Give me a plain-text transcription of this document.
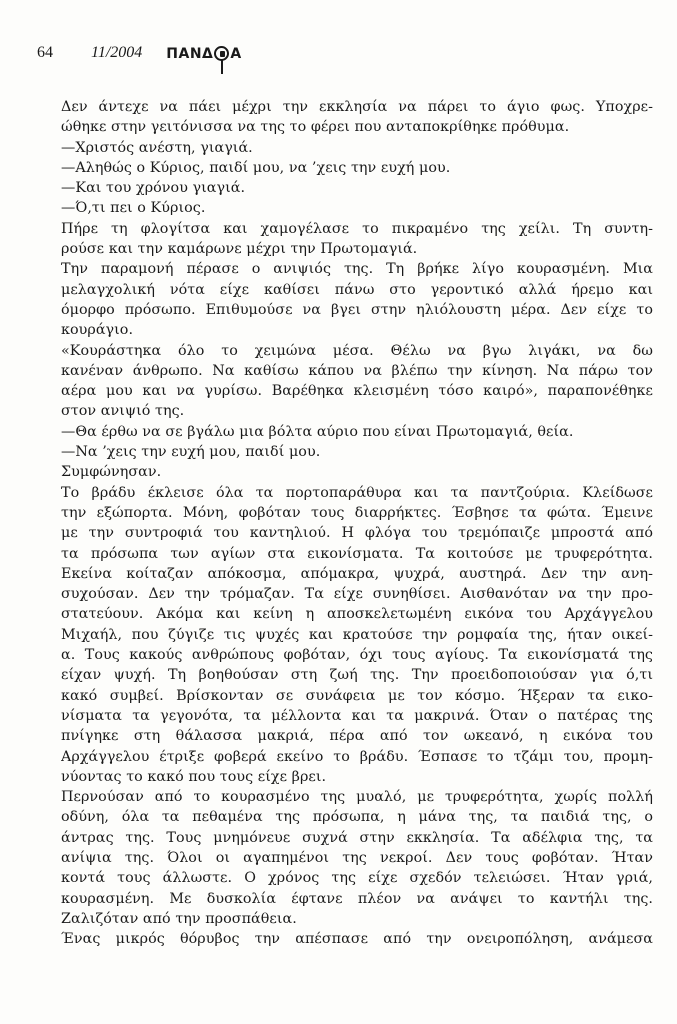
64 11/2004 ΠΑΝΔ Α
Δεν άντεχε να πάει μέχρι την εκκλησία να πάρει το άγιο φως. Υποχρε-
ώθηκε στην γειτόνισσα να της το φέρει που ανταποκρίθηκε πρόθυμα.
—Χριστός ανέστη, γιαγιά.
—Αληθώς ο Κύριος, παιδί μου, να ’χεις την ευχή μου.
—Και του χρόνου γιαγιά.
—Ό,τι πει ο Κύριος.
Πήρε τη φλογίτσα και χαμογέλασε το πικραμένο της χείλι. Τη συντη-
ρούσε και την καμάρωνε μέχρι την Πρωτομαγιά.
Την παραμονή πέρασε ο ανιψιός της. Τη βρήκε λίγο κουρασμένη. Μια
μελαγχολική νότα είχε καθίσει πάνω στο γεροντικό αλλά ήρεμο και
όμορφο πρόσωπο. Επιθυμούσε να βγει στην ηλιόλουστη μέρα. Δεν είχε το
κουράγιο.
«Κουράστηκα όλο το χειμώνα μέσα. Θέλω να βγω λιγάκι, να δω
κανέναν άνθρωπο. Να καθίσω κάπου να βλέπω την κίνηση. Να πάρω τον
αέρα μου και να γυρίσω. Βαρέθηκα κλεισμένη τόσο καιρό», παραπονέθηκε
στον ανιψιό της.
—Θα έρθω να σε βγάλω μια βόλτα αύριο που είναι Πρωτομαγιά, θεία.
—Να ’χεις την ευχή μου, παιδί μου.
Συμφώνησαν.
Το βράδυ έκλεισε όλα τα πορτοπαράθυρα και τα παντζούρια. Κλείδωσε
την εξώπορτα. Μόνη, φοβόταν τους διαρρήκτες. Έσβησε τα φώτα. Έμεινε
με την συντροφιά του καντηλιού. Η φλόγα του τρεμόπαιζε μπροστά από
τα πρόσωπα των αγίων στα εικονίσματα. Τα κοιτούσε με τρυφερότητα.
Εκείνα κοίταζαν απόκοσμα, απόμακρα, ψυχρά, αυστηρά. Δεν την ανη-
συχούσαν. Δεν την τρόμαζαν. Τα είχε συνηθίσει. Αισθανόταν να την προ-
στατεύουν. Ακόμα και κείνη η αποσκελετωμένη εικόνα του Αρχάγγελου
Μιχαήλ, που ζύγιζε τις ψυχές και κρατούσε την ρομφαία της, ήταν οικεί-
α. Τους κακούς ανθρώπους φοβόταν, όχι τους αγίους. Τα εικονίσματά της
είχαν ψυχή. Τη βοηθούσαν στη ζωή της. Την προειδοποιούσαν για ό,τι
κακό συμβεί. Βρίσκονταν σε συνάφεια με τον κόσμο. Ήξεραν τα εικο-
νίσματα τα γεγονότα, τα μέλλοντα και τα μακρινά. Όταν ο πατέρας της
πνίγηκε στη θάλασσα μακριά, πέρα από τον ωκεανό, η εικόνα του
Αρχάγγελου έτριξε φοβερά εκείνο το βράδυ. Έσπασε το τζάμι του, προμη-
νύοντας το κακό που τους είχε βρει.
Περνούσαν από το κουρασμένο της μυαλό, με τρυφερότητα, χωρίς πολλή
οδύνη, όλα τα πεθαμένα της πρόσωπα, η μάνα της, τα παιδιά της, ο
άντρας της. Τους μνημόνευε συχνά στην εκκλησία. Τα αδέλφια της, τα
ανίψια της. Όλοι οι αγαπημένοι της νεκροί. Δεν τους φοβόταν. Ήταν
κοντά τους άλλωστε. Ο χρόνος της είχε σχεδόν τελειώσει. Ήταν γριά,
κουρασμένη. Με δυσκολία έφτανε πλέον να ανάψει το καντήλι της.
Ζαλιζόταν από την προσπάθεια.
Ένας μικρός θόρυβος την απέσπασε από την ονειροπόληση, ανάμεσα
